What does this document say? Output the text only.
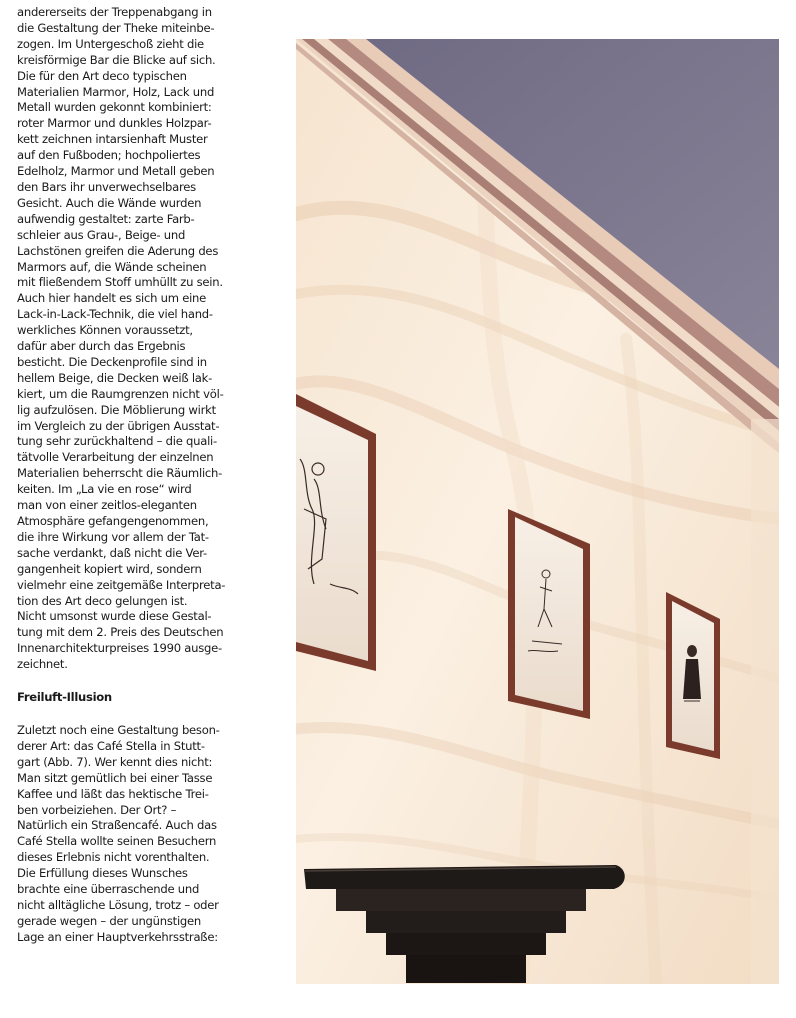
andererseits der Treppenabgang in
die Gestaltung der Theke miteinbe-
zogen. Im Untergeschoß zieht die
kreisförmige Bar die Blicke auf sich.
Die für den Art deco typischen
Materialien Marmor, Holz, Lack und
Metall wurden gekonnt kombiniert:
roter Marmor und dunkles Holzpar-
kett zeichnen intarsienhaft Muster
auf den Fußboden; hochpoliertes
Edelholz, Marmor und Metall geben
den Bars ihr unverwechselbares
Gesicht. Auch die Wände wurden
aufwendig gestaltet: zarte Farb-
schleier aus Grau-, Beige- und
Lachstönen greifen die Aderung des
Marmors auf, die Wände scheinen
mit fließendem Stoff umhüllt zu sein.
Auch hier handelt es sich um eine
Lack-in-Lack-Technik, die viel hand-
werkliches Können voraussetzt,
dafür aber durch das Ergebnis
besticht. Die Deckenprofile sind in
hellem Beige, die Decken weiß lak-
kiert, um die Raumgrenzen nicht völ-
lig aufzulösen. Die Möblierung wirkt
im Vergleich zu der übrigen Ausstat-
tung sehr zurückhaltend – die quali-
tätvolle Verarbeitung der einzelnen
Materialien beherrscht die Räumlich-
keiten. Im „La vie en rose“ wird
man von einer zeitlos-eleganten
Atmosphäre gefangengenommen,
die ihre Wirkung vor allem der Tat-
sache verdankt, daß nicht die Ver-
gangenheit kopiert wird, sondern
vielmehr eine zeitgemäße Interpreta-
tion des Art deco gelungen ist.
Nicht umsonst wurde diese Gestal-
tung mit dem 2. Preis des Deutschen
Innenarchitekturpreises 1990 ausge-
zeichnet.

Freiluft-Illusion

Zuletzt noch eine Gestaltung beson-
derer Art: das Café Stella in Stutt-
gart (Abb. 7). Wer kennt dies nicht:
Man sitzt gemütlich bei einer Tasse
Kaffee und läßt das hektische Trei-
ben vorbeiziehen. Der Ort? –
Natürlich ein Straßencafé. Auch das
Café Stella wollte seinen Besuchern
dieses Erlebnis nicht vorenthalten.
Die Erfüllung dieses Wunsches
brachte eine überraschende und
nicht alltägliche Lösung, trotz – oder
gerade wegen – der ungünstigen
Lage an einer Hauptverkehrsstraße:
